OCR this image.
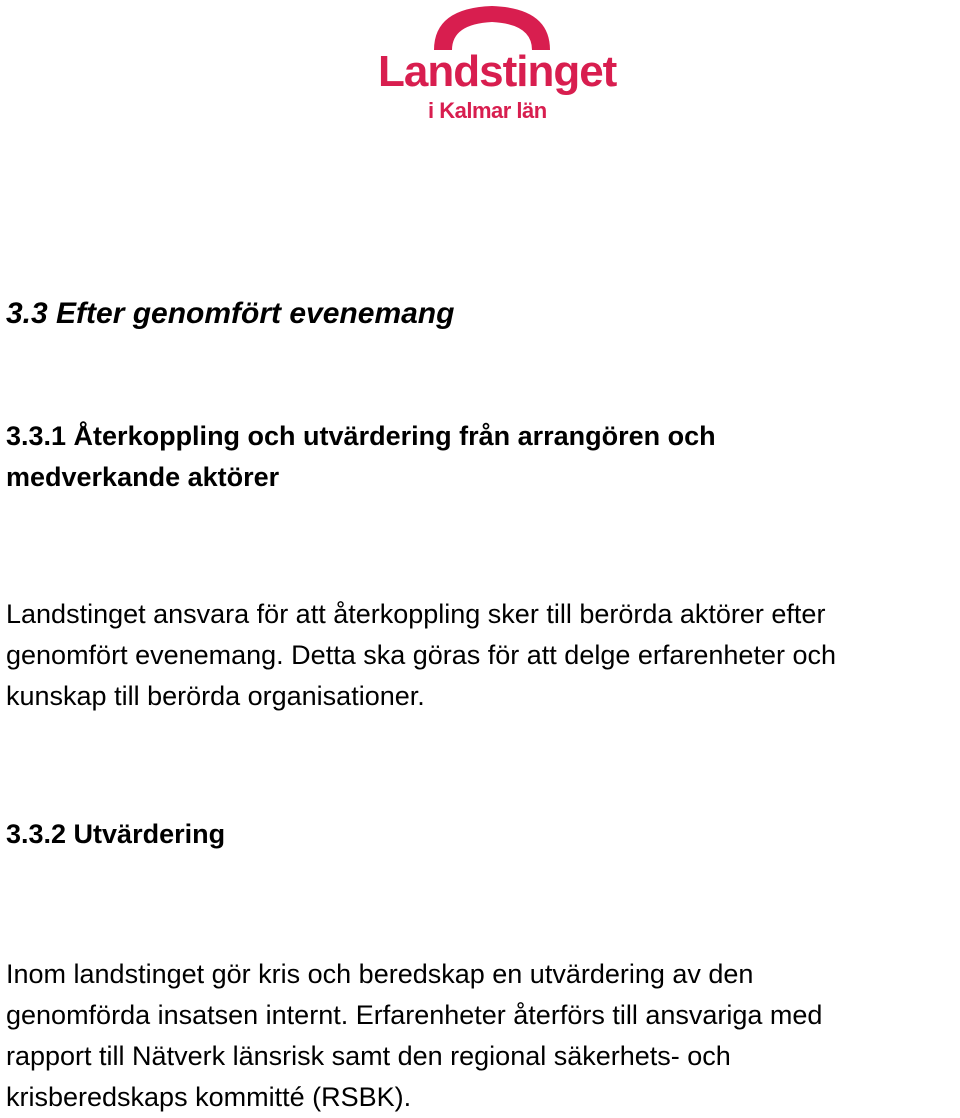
Landstinget
i Kalmar län
3.3 Efter genomfört evenemang
3.3.1 Återkoppling och utvärdering från arrangören och
medverkande aktörer

Landstinget ansvara för att återkoppling sker till berörda aktörer efter
genomfört evenemang. Detta ska göras för att delge erfarenheter och
kunskap till berörda organisationer.

3.3.2 Utvärdering

Inom landstinget gör kris och beredskap en utvärdering av den
genomförda insatsen internt. Erfarenheter återförs till ansvariga med
rapport till Nätverk länsrisk samt den regional säkerhets- och
krisberedskaps kommitté (RSBK).
